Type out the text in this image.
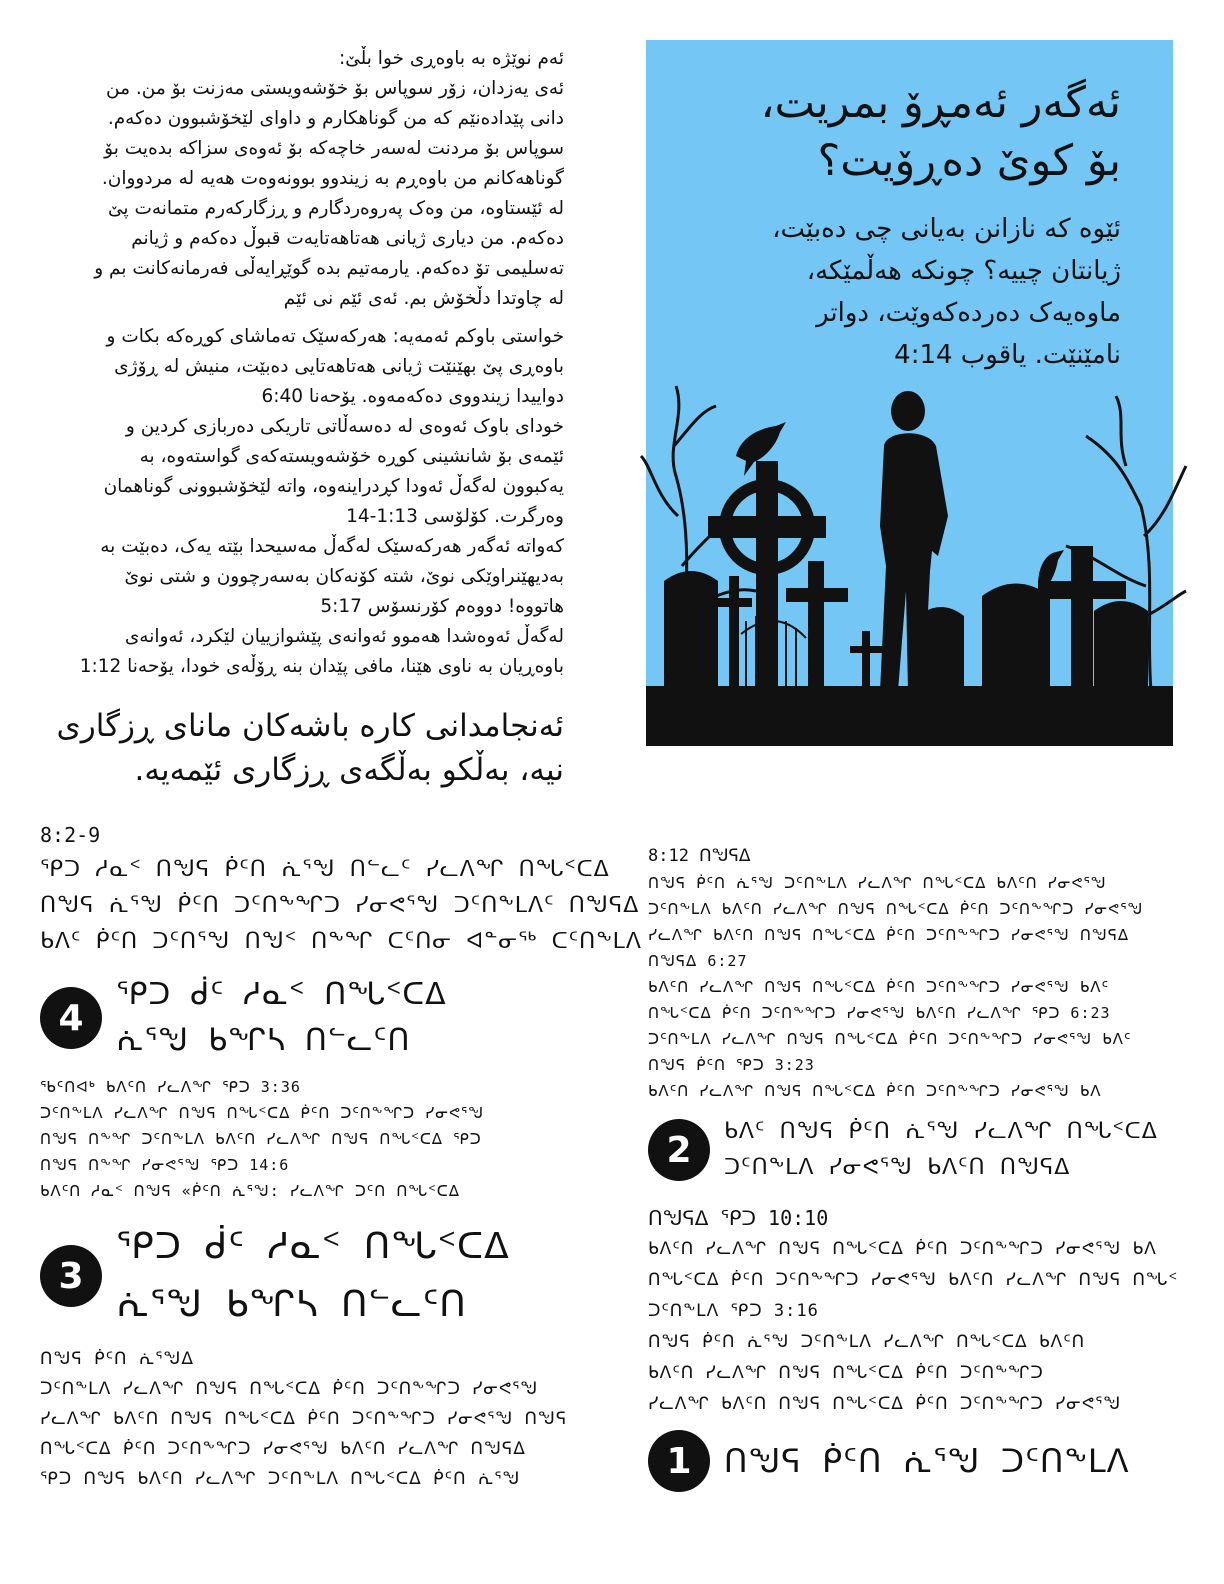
ئەم نوێژە بە باوەڕی خوا بڵێ:

ئەی یەزدان، زۆر سوپاس بۆ خۆشەویستی مەزنت بۆ من. من

دانی پێدادەنێم کە من گوناهکارم و داوای لێخۆشبوون دەکەم.

سوپاس بۆ مردنت لەسەر خاچەکە بۆ ئەوەی سزاکە بدەیت بۆ

گوناهەکانم من باوەڕم بە زیندوو بوونەوەت هەیە لە مردووان.

لە ئێستاوە، من وەک پەروەردگارم و ڕزگارکەرم متمانەت پێ

دەکەم. من دیاری ژیانی هەتاهەتایەت قبوڵ دەکەم و ژیانم

تەسلیمی تۆ دەکەم. یارمەتیم بدە گوێڕایەڵی فەرمانەکانت بم و

لە چاوتدا دڵخۆش بم. ئەی ئێم نی ئێم

خواستی باوکم ئەمەیە: هەرکەسێک تەماشای کوڕەکە بکات و

باوەڕی پێ بهێنێت ژیانی هەتاهەتایی دەبێت، منیش لە ڕۆژی

دواییدا زیندووی دەکەمەوە. یۆحەنا 6:40

خودای باوک ئەوەی لە دەسەڵاتی تاریکی دەربازی کردین و

ئێمەی بۆ شانشینی کوڕە خۆشەویستەکەی گواستەوە، بە

یەکبوون لەگەڵ ئەودا کڕدراینەوە، واتە لێخۆشبوونی گوناهمان

وەرگرت. کۆلۆسی 1:13-14

کەواتە ئەگەر هەرکەسێک لەگەڵ مەسیحدا بێتە یەک، دەبێت بە

بەدیهێنراوێکی نوێ، شتە کۆنەکان بەسەرچوون و شتی نوێ

هاتووە! دووەم کۆرنسۆس 5:17

لەگەڵ ئەوەشدا هەموو ئەوانەی پێشوازییان لێکرد، ئەوانەی

باوەڕیان بە ناوی هێنا، مافی پێدان بنە ڕۆڵەی خودا، یۆحەنا 1:12

ئەنجامدانی کارە باشەکان مانای ڕزگاری
نیە، بەڵکو بەڵگەی ڕزگاری ئێمەیە.
ئەگەر ئەمڕۆ بمریت،
بۆ کوێ دەڕۆیت؟
ئێوە کە نازانن بەیانی چی دەبێت،
ژیانتان چییە؟ چونکە هەڵمێکە،
ماوەیەک دەردەکەوێت، دواتر
نامێنێت. یاقوب 4:14
8:2-9
ᕿᑐ ᓱᓇᑉ ᑎᖑᕋ ᑮᑦᑎ ᕇᕐᖑ ᑎᓪᓚᑦ ᓯᓚᐱᖏ ᑎᖓᑉᑕᐃ
ᑎᖑᕋ ᕇᕐᖑ ᑮᑦᑎ ᑐᑦᑎᖕᖏᑐ ᓯᓂᕙᕐᖑ ᑐᑦᑎᖕᒪᐱᑦ ᑎᖑᕋᐃ
ᑲᐱᑦ ᑮᑦᑎ ᑐᑦᑎᕐᖑ ᑎᖑᑉ ᑎᖕᖏ ᑕᑦᑎᓂ ᐊᓐᓂᖅ ᑕᑦᑎᖕᒪᐱ
4
ᕿᑐ ᑰᑦ ᓱᓇᑉ ᑎᖓᑉᑕᐃ
ᕇᕐᖑ ᑲᖏᓴ ᑎᓪᓚᑦᑎ
ᖃᑦᑎᐊᒃ ᑲᐱᑦᑎ ᓯᓚᐱᖏ ᕿᑐ 3:36
ᑐᑦᑎᖕᒪᐱ ᓯᓚᐱᖏ ᑎᖑᕋ ᑎᖓᑉᑕᐃ ᑮᑦᑎ ᑐᑦᑎᖕᖏᑐ ᓯᓂᕙᕐᖑ
ᑎᖑᕋ ᑎᖕᖏ ᑐᑦᑎᖕᒪᐱ ᑲᐱᑦᑎ ᓯᓚᐱᖏ ᑎᖑᕋ ᑎᖓᑉᑕᐃ ᕿᑐ
ᑎᖑᕋ ᑎᖕᖏ ᓯᓂᕙᕐᖑ ᕿᑐ 14:6
ᑲᐱᑦᑎ ᓱᓇᑉ ᑎᖑᕋ «ᑮᑦᑎ ᕇᕐᖑ: ᓯᓚᐱᖏ ᑐᑦᑎ ᑎᖓᑉᑕᐃ
3
ᕿᑐ ᑰᑦ ᓱᓇᑉ ᑎᖓᑉᑕᐃ
ᕇᕐᖑ ᑲᖏᓴ ᑎᓪᓚᑦᑎ
ᑎᖑᕋ ᑮᑦᑎ ᕇᕐᖑᐃ
ᑐᑦᑎᖕᒪᐱ ᓯᓚᐱᖏ ᑎᖑᕋ ᑎᖓᑉᑕᐃ ᑮᑦᑎ ᑐᑦᑎᖕᖏᑐ ᓯᓂᕙᕐᖑ
ᓯᓚᐱᖏ ᑲᐱᑦᑎ ᑎᖑᕋ ᑎᖓᑉᑕᐃ ᑮᑦᑎ ᑐᑦᑎᖕᖏᑐ ᓯᓂᕙᕐᖑ ᑎᖑᕋ
ᑎᖓᑉᑕᐃ ᑮᑦᑎ ᑐᑦᑎᖕᖏᑐ ᓯᓂᕙᕐᖑ ᑲᐱᑦᑎ ᓯᓚᐱᖏ ᑎᖑᕋᐃ
ᕿᑐ ᑎᖑᕋ ᑲᐱᑦᑎ ᓯᓚᐱᖏ ᑐᑦᑎᖕᒪᐱ ᑎᖓᑉᑕᐃ ᑮᑦᑎ ᕇᕐᖑ
8:12 ᑎᖑᕋᐃ
ᑎᖑᕋ ᑮᑦᑎ ᕇᕐᖑ ᑐᑦᑎᖕᒪᐱ ᓯᓚᐱᖏ ᑎᖓᑉᑕᐃ ᑲᐱᑦᑎ ᓯᓂᕙᕐᖑ
ᑐᑦᑎᖕᒪᐱ ᑲᐱᑦᑎ ᓯᓚᐱᖏ ᑎᖑᕋ ᑎᖓᑉᑕᐃ ᑮᑦᑎ ᑐᑦᑎᖕᖏᑐ ᓯᓂᕙᕐᖑ
ᓯᓚᐱᖏ ᑲᐱᑦᑎ ᑎᖑᕋ ᑎᖓᑉᑕᐃ ᑮᑦᑎ ᑐᑦᑎᖕᖏᑐ ᓯᓂᕙᕐᖑ ᑎᖑᕋᐃ
ᑎᖑᕋᐃ 6:27
ᑲᐱᑦᑎ ᓯᓚᐱᖏ ᑎᖑᕋ ᑎᖓᑉᑕᐃ ᑮᑦᑎ ᑐᑦᑎᖕᖏᑐ ᓯᓂᕙᕐᖑ ᑲᐱᑦ
ᑎᖓᑉᑕᐃ ᑮᑦᑎ ᑐᑦᑎᖕᖏᑐ ᓯᓂᕙᕐᖑ ᑲᐱᑦᑎ ᓯᓚᐱᖏ ᕿᑐ 6:23
ᑐᑦᑎᖕᒪᐱ ᓯᓚᐱᖏ ᑎᖑᕋ ᑎᖓᑉᑕᐃ ᑮᑦᑎ ᑐᑦᑎᖕᖏᑐ ᓯᓂᕙᕐᖑ ᑲᐱᑦ
ᑎᖑᕋ ᑮᑦᑎ ᕿᑐ 3:23
ᑲᐱᑦᑎ ᓯᓚᐱᖏ ᑎᖑᕋ ᑎᖓᑉᑕᐃ ᑮᑦᑎ ᑐᑦᑎᖕᖏᑐ ᓯᓂᕙᕐᖑ ᑲᐱ
2	ᑲᐱᑦ ᑎᖑᕋ ᑮᑦᑎ ᕇᕐᖑ ᓯᓚᐱᖏ ᑎᖓᑉᑕᐃ
ᑐᑦᑎᖕᒪᐱ ᓯᓂᕙᕐᖑ ᑲᐱᑦᑎ ᑎᖑᕋᐃ
ᑎᖑᕋᐃ ᕿᑐ 10:10
ᑲᐱᑦᑎ ᓯᓚᐱᖏ ᑎᖑᕋ ᑎᖓᑉᑕᐃ ᑮᑦᑎ ᑐᑦᑎᖕᖏᑐ ᓯᓂᕙᕐᖑ ᑲᐱ
ᑎᖓᑉᑕᐃ ᑮᑦᑎ ᑐᑦᑎᖕᖏᑐ ᓯᓂᕙᕐᖑ ᑲᐱᑦᑎ ᓯᓚᐱᖏ ᑎᖑᕋ ᑎᖓᑉ
ᑐᑦᑎᖕᒪᐱ ᕿᑐ 3:16
ᑎᖑᕋ ᑮᑦᑎ ᕇᕐᖑ ᑐᑦᑎᖕᒪᐱ ᓯᓚᐱᖏ ᑎᖓᑉᑕᐃ ᑲᐱᑦᑎ
ᑲᐱᑦᑎ ᓯᓚᐱᖏ ᑎᖑᕋ ᑎᖓᑉᑕᐃ ᑮᑦᑎ ᑐᑦᑎᖕᖏᑐ
ᓯᓚᐱᖏ ᑲᐱᑦᑎ ᑎᖑᕋ ᑎᖓᑉᑕᐃ ᑮᑦᑎ ᑐᑦᑎᖕᖏᑐ ᓯᓂᕙᕐᖑ
1	ᑎᖑᕋ ᑮᑦᑎ ᕇᕐᖑ ᑐᑦᑎᖕᒪᐱ
